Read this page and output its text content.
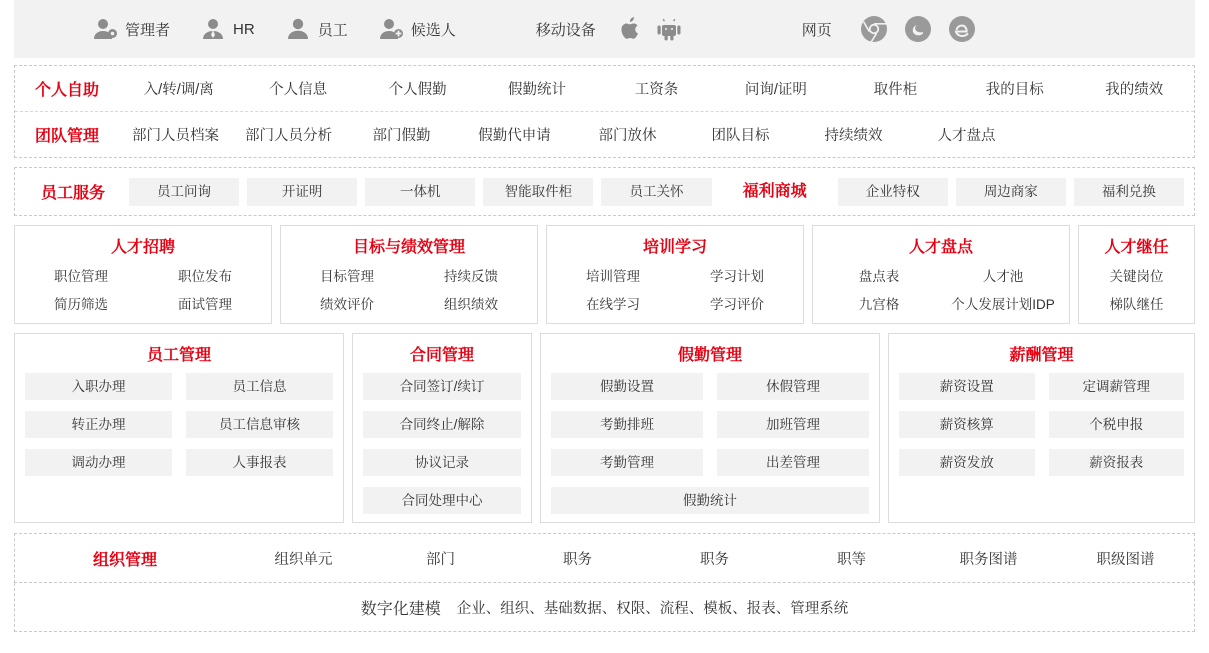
管理者	HR	员工	候选人	移动设备	网页
个人自助	入/转/调/离	个人信息	个人假勤	假勤统计	工资条	问询/证明	取件柜	我的目标	我的绩效
团队管理	部门人员档案	部门人员分析	部门假勤	假勤代申请	部门放休	团队目标	持续绩效	人才盘点
员工服务	员工问询	开证明	一体机	智能取件柜	员工关怀	福利商城	企业特权	周边商家	福利兑换
人才招聘
职位管理	职位发布
简历筛选	面试管理
目标与绩效管理
目标管理	持续反馈
绩效评价	组织绩效
培训学习
培训管理	学习计划
在线学习	学习评价
人才盘点
盘点表	人才池
九宫格	个人发展计划IDP
人才继任
关键岗位
梯队继任
员工管理
入职办理	员工信息
转正办理	员工信息审核
调动办理	人事报表
合同管理
合同签订/续订
合同终止/解除
协议记录
合同处理中心
假勤管理
假勤设置	休假管理
考勤排班	加班管理
考勤管理	出差管理
假勤统计
薪酬管理
薪资设置	定调薪管理
薪资核算	个税申报
薪资发放	薪资报表
组织管理	组织单元	部门	职务	职务	职等	职务图谱	职级图谱
数字化建模 企业、组织、基础数据、权限、流程、模板、报表、管理系统
